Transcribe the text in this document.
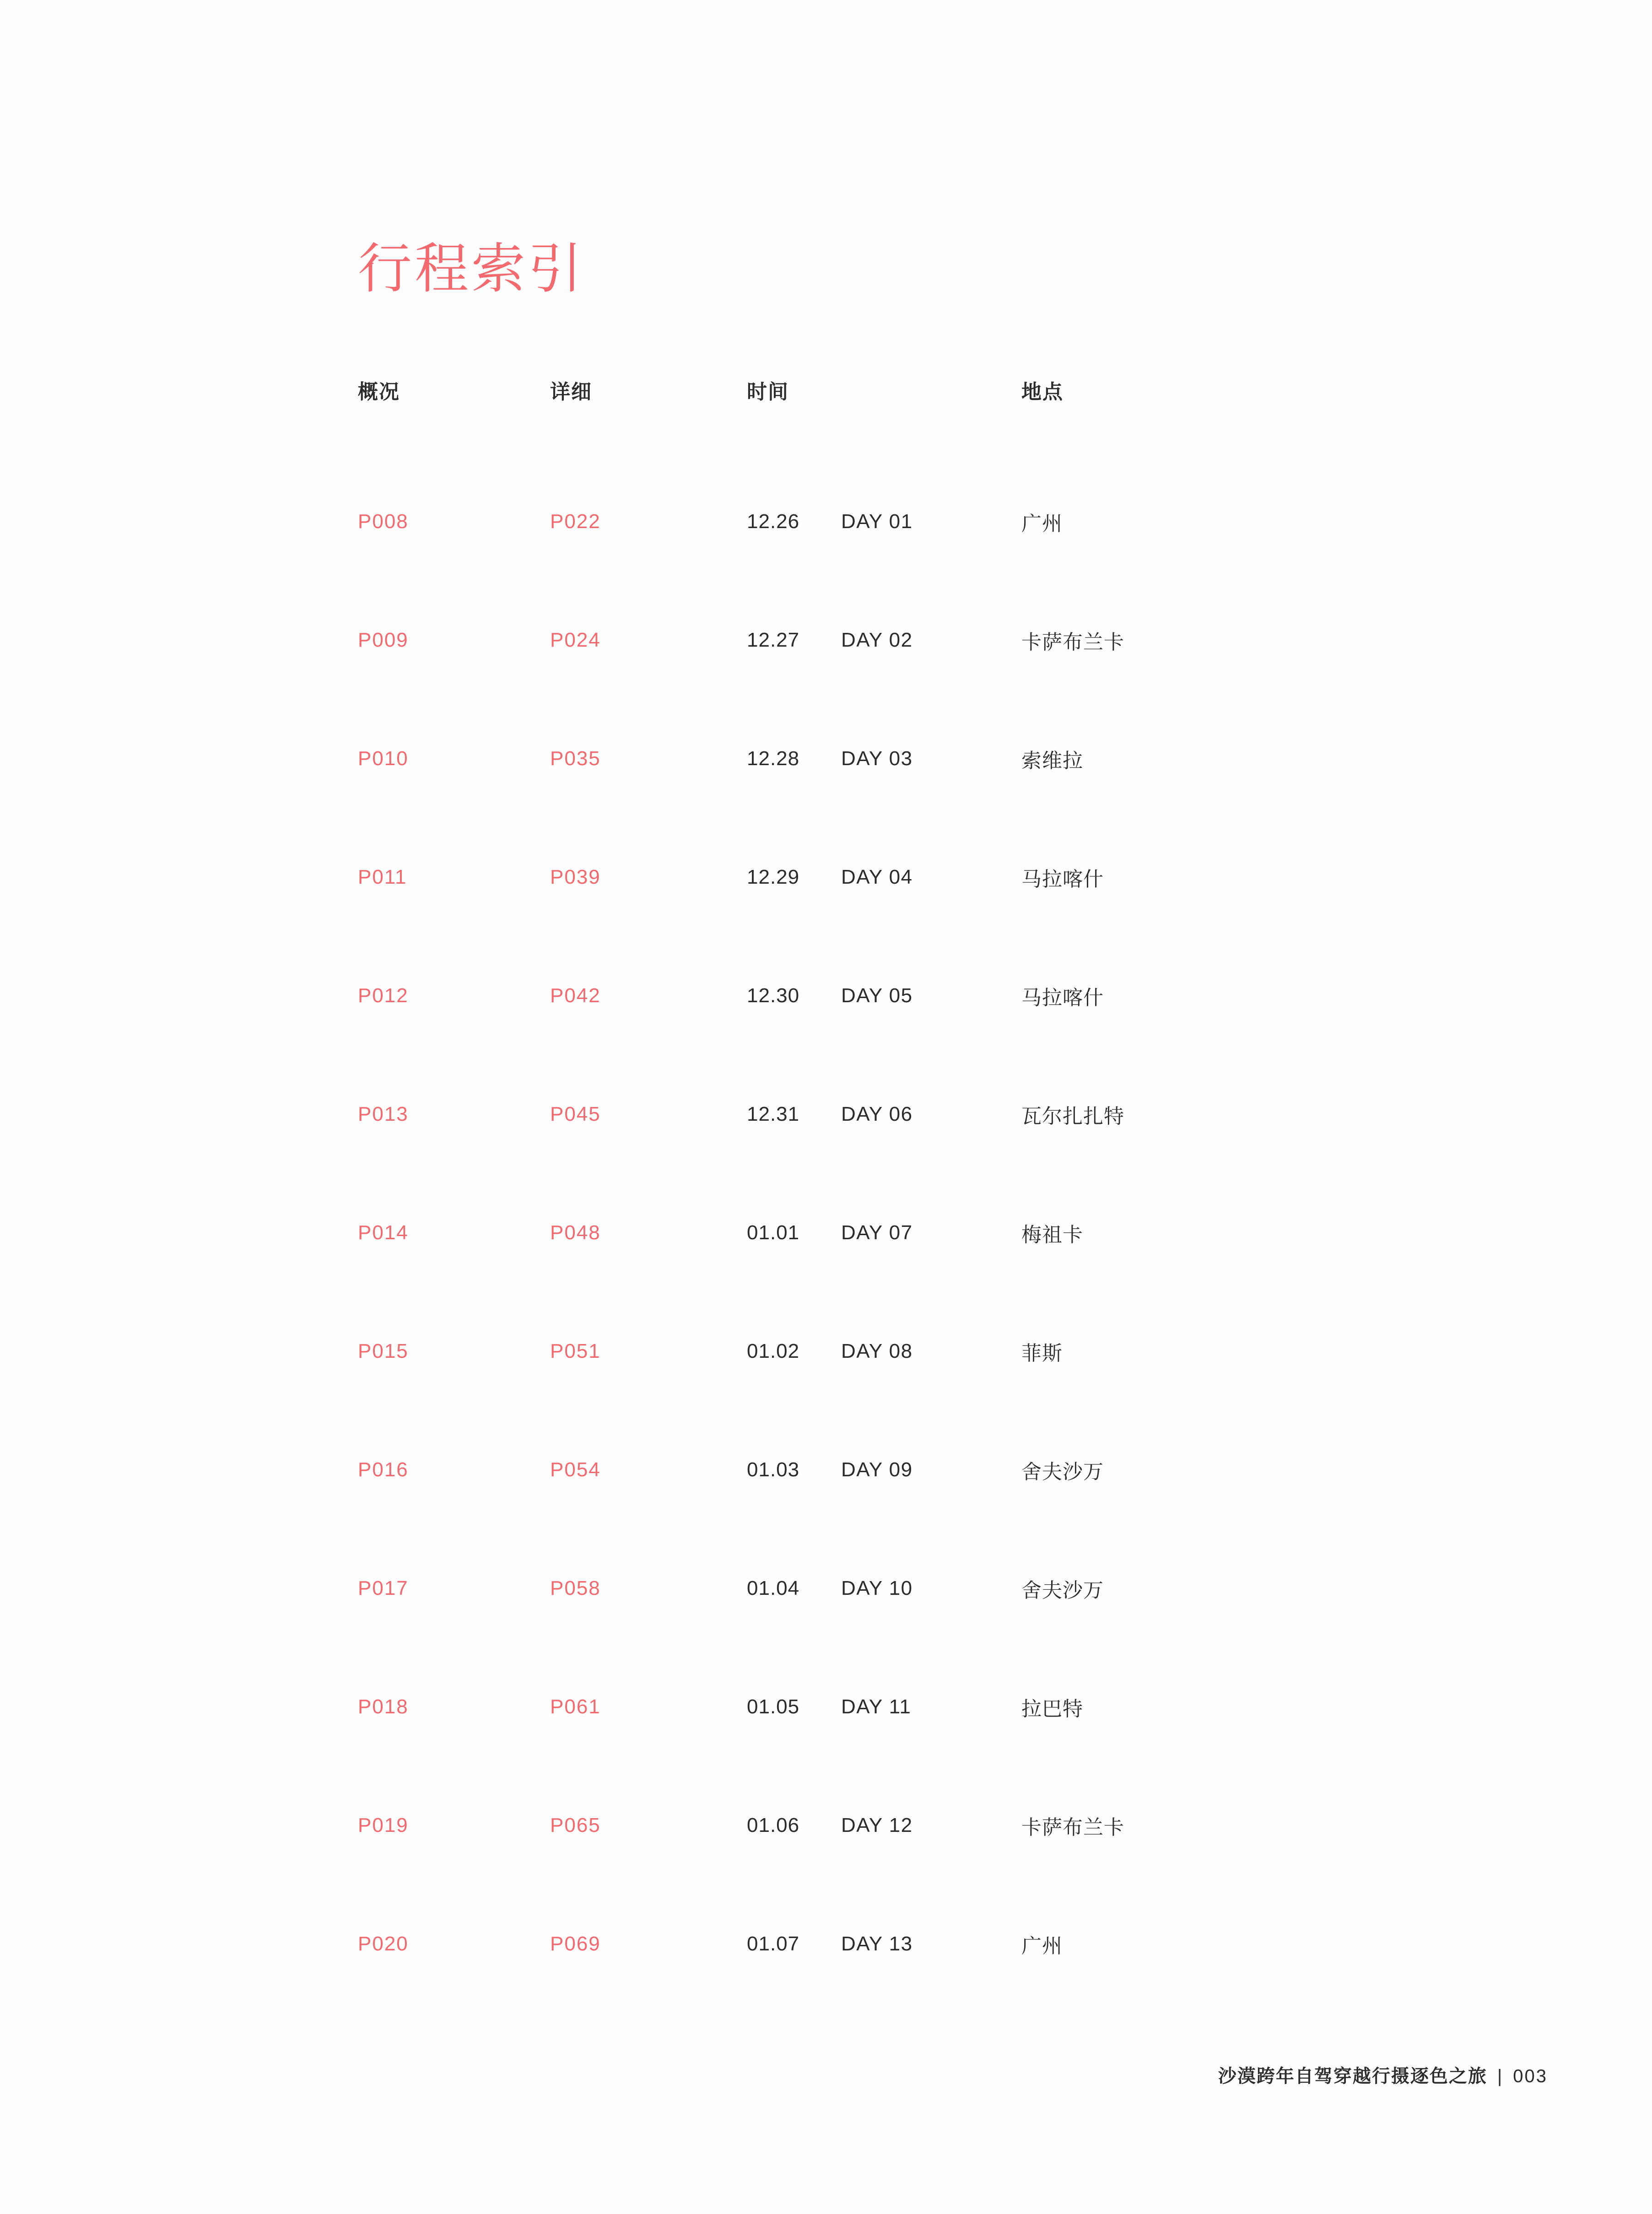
行程索引
概况	详细	时间	地点
P008	P022	12.26 DAY 01	广州
P009	P024	12.27 DAY 02	卡萨布兰卡
P010	P035	12.28 DAY 03	索维拉
P011	P039	12.29 DAY 04	马拉喀什
P012	P042	12.30 DAY 05	马拉喀什
P013	P045	12.31 DAY 06	瓦尔扎扎特
P014	P048	01.01 DAY 07	梅祖卡
P015	P051	01.02 DAY 08	菲斯
P016	P054	01.03 DAY 09	舍夫沙万
P017	P058	01.04 DAY 10	舍夫沙万
P018	P061	01.05 DAY 11	拉巴特
P019	P065	01.06 DAY 12	卡萨布兰卡
P020	P069	01.07 DAY 13	广州
沙漠跨年自驾穿越行摄逐色之旅 | 003
